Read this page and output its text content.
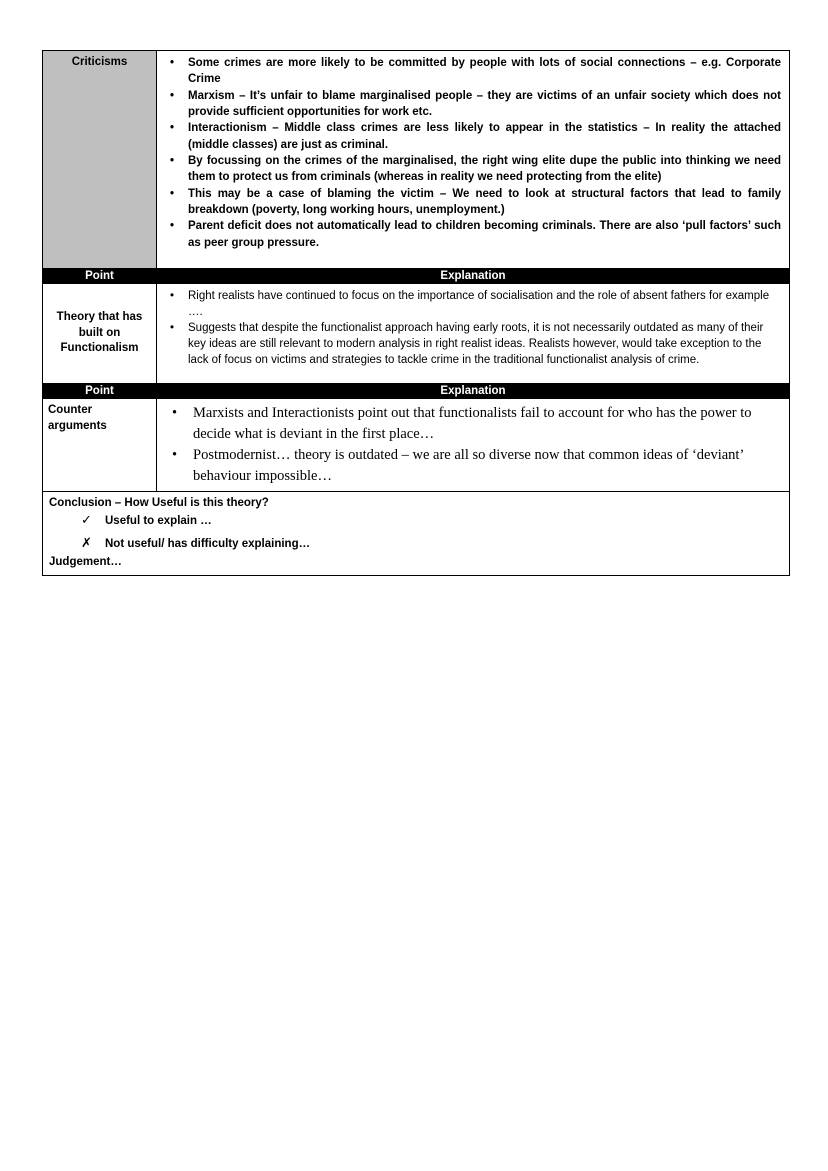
Criticisms	
•Some crimes are more likely to be committed by people with lots of social connections – e.g. Corporate Crime
• Marxism – It’s unfair to blame marginalised people – they are victims of an unfair society which does not provide sufficient opportunities for work etc.
• Interactionism – Middle class crimes are less likely to appear in the statistics – In reality the attached (middle classes) are just as criminal.
• By focussing on the crimes of the marginalised, the right wing elite dupe the public into thinking we need them to protect us from criminals (whereas in reality we need protecting from the elite)
• This may be a case of blaming the victim – We need to look at structural factors that lead to family breakdown (poverty, long working hours, unemployment.)
• Parent deficit does not automatically lead to children becoming criminals. There are also ‘pull factors’ such as peer group pressure.

Point	Explanation
Theory that has built on Functionalism	
• Right realists have continued to focus on the importance of socialisation and the role of absent fathers for example ….
• Suggests that despite the functionalist approach having early roots, it is not necessarily outdated as many of their key ideas are still relevant to modern analysis in right realist ideas. Realists however, would take exception to the lack of focus on victims and strategies to tackle crime in the traditional functionalist analysis of crime.

Point	Explanation
Counter arguments	
• Marxists and Interactionists point out that functionalists fail to account for who has the power to decide what is deviant in the first place…
• Postmodernist… theory is outdated – we are all so diverse now that common ideas of ‘deviant’ behaviour impossible…

Conclusion – How Useful is this theory?
✓	Useful to explain …
✗	Not useful/ has difficulty explaining…
Judgement…
